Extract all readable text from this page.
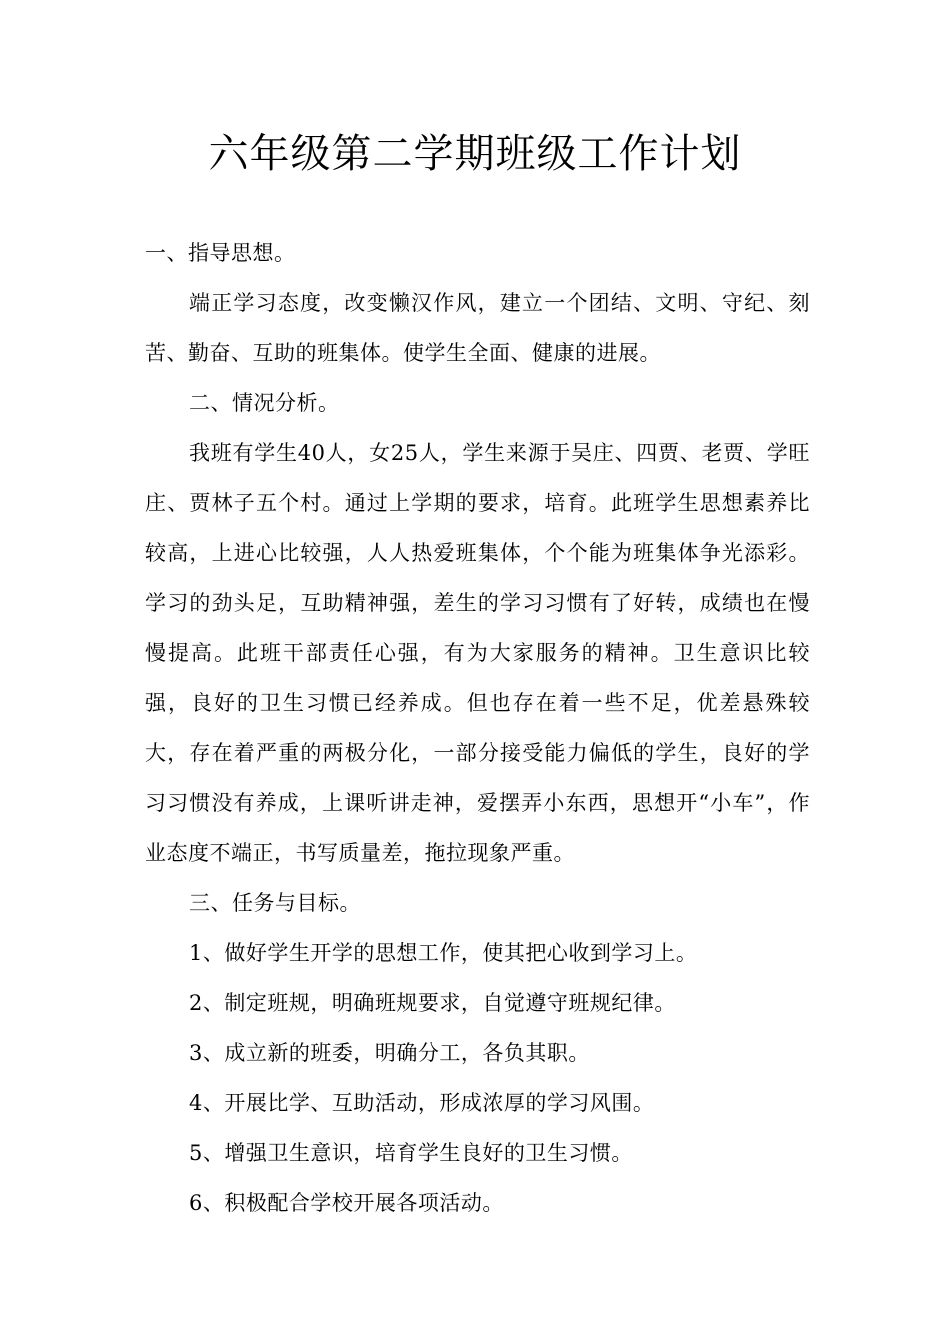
六年级第二学期班级工作计划

一、指导思想。

端正学习态度，改变懒汉作风，建立一个团结、文明、守纪、刻苦、勤奋、互助的班集体。使学生全面、健康的进展。

二、情况分析。

我班有学生40人，女25人，学生来源于吴庄、四贾、老贾、学旺庄、贾林子五个村。通过上学期的要求，培育。此班学生思想素养比较高，上进心比较强，人人热爱班集体，个个能为班集体争光添彩。学习的劲头足，互助精神强，差生的学习习惯有了好转，成绩也在慢慢提高。此班干部责任心强，有为大家服务的精神。卫生意识比较强，良好的卫生习惯已经养成。但也存在着一些不足，优差悬殊较大，存在着严重的两极分化，一部分接受能力偏低的学生，良好的学习习惯没有养成，上课听讲走神，爱摆弄小东西，思想开“小车”，作业态度不端正，书写质量差，拖拉现象严重。

三、任务与目标。

1、做好学生开学的思想工作，使其把心收到学习上。

2、制定班规，明确班规要求，自觉遵守班规纪律。

3、成立新的班委，明确分工，各负其职。

4、开展比学、互助活动，形成浓厚的学习风围。

5、增强卫生意识，培育学生良好的卫生习惯。

6、积极配合学校开展各项活动。
